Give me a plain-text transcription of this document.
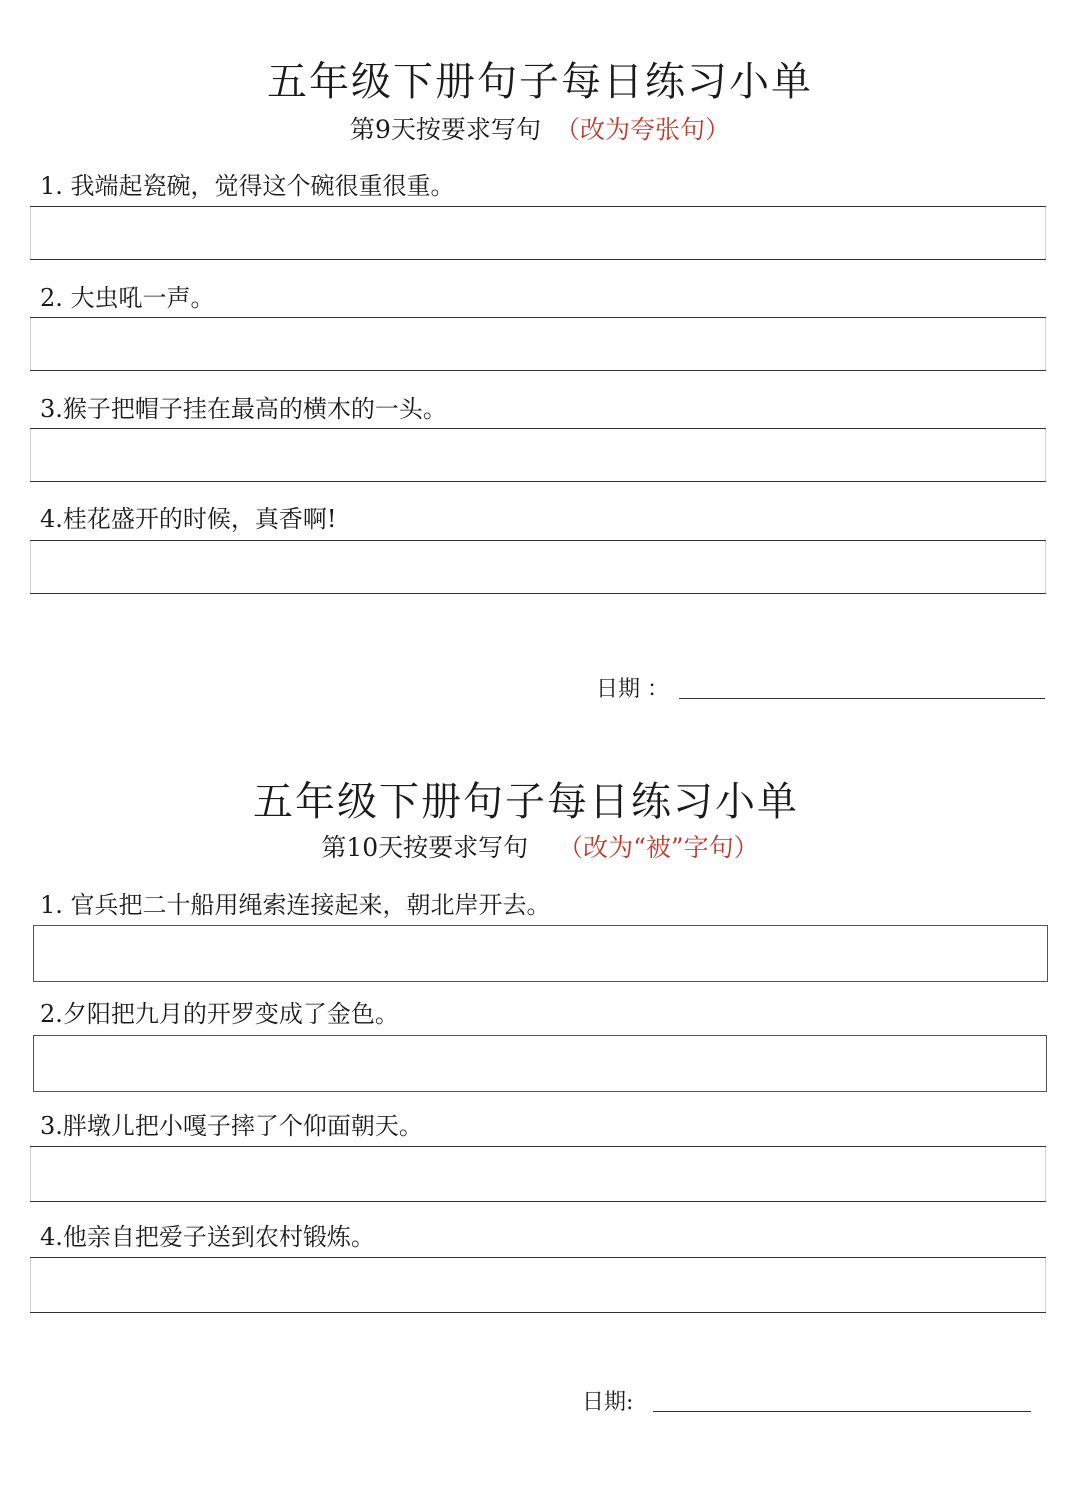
五年级下册句子每日练习小单
第9天按要求写句 （改为夸张句）
1. 我端起瓷碗，觉得这个碗很重很重。
2. 大虫吼一声。
3.猴子把帽子挂在最高的横木的一头。
4.桂花盛开的时候，真香啊!
日期 ：
五年级下册句子每日练习小单
第10天按要求写句 （改为“被”字句）
1. 官兵把二十船用绳索连接起来，朝北岸开去。
2.夕阳把九月的开罗变成了金色。
3.胖墩儿把小嘎子摔了个仰面朝天。
4.他亲自把爱子送到农村锻炼。
日期:
